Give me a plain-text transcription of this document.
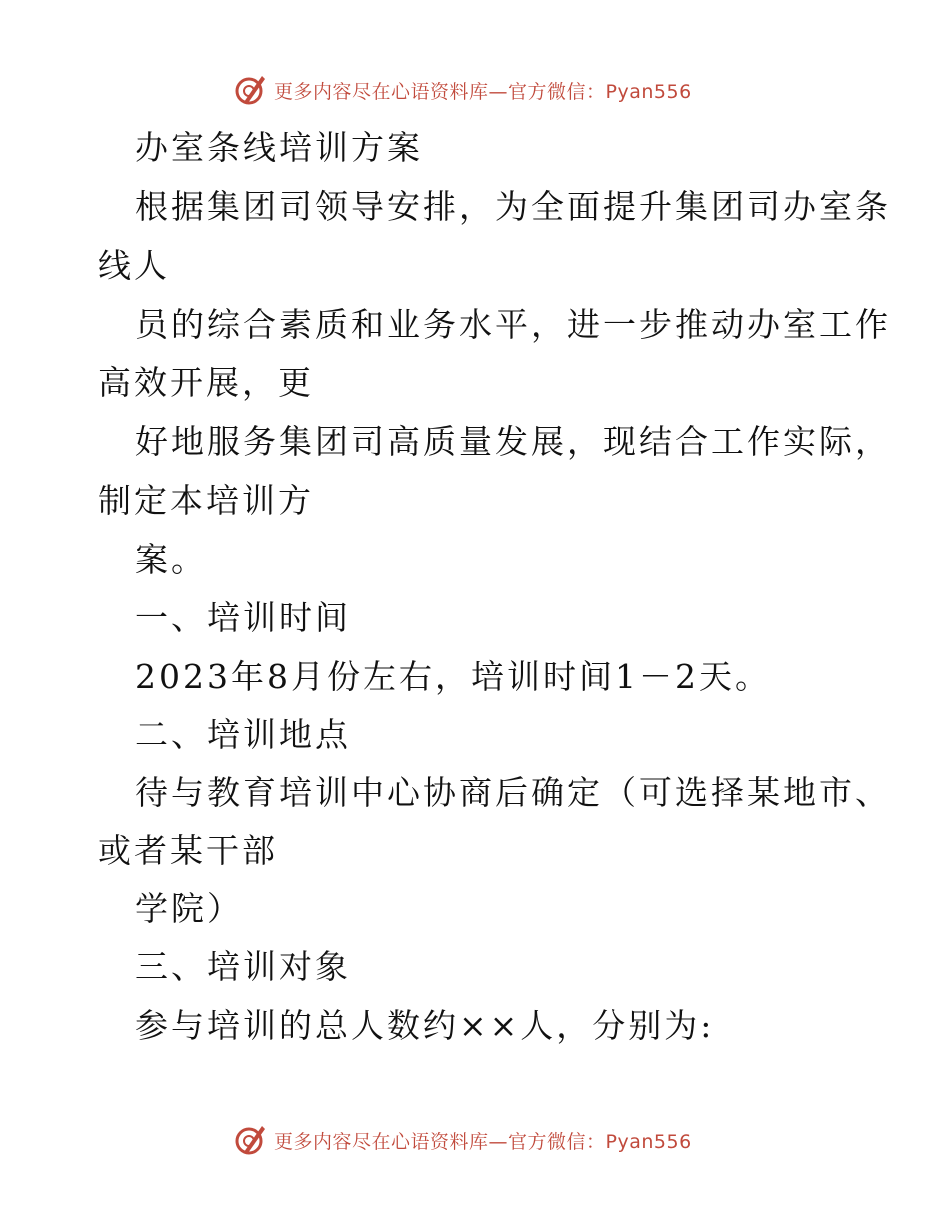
更多内容尽在心语资料库—官方微信：Pyan556

办室条线培训方案

根据集团司领导安排，为全面提升集团司办室条

线人

员的综合素质和业务水平，进一步推动办室工作

高效开展，更

好地服务集团司高质量发展，现结合工作实际，

制定本培训方

案。

一、培训时间

2023年8月份左右，培训时间1－2天。

二、培训地点

待与教育培训中心协商后确定（可选择某地市、

或者某干部

学院）

三、培训对象

参与培训的总人数约××人，分别为:

更多内容尽在心语资料库—官方微信：Pyan556
